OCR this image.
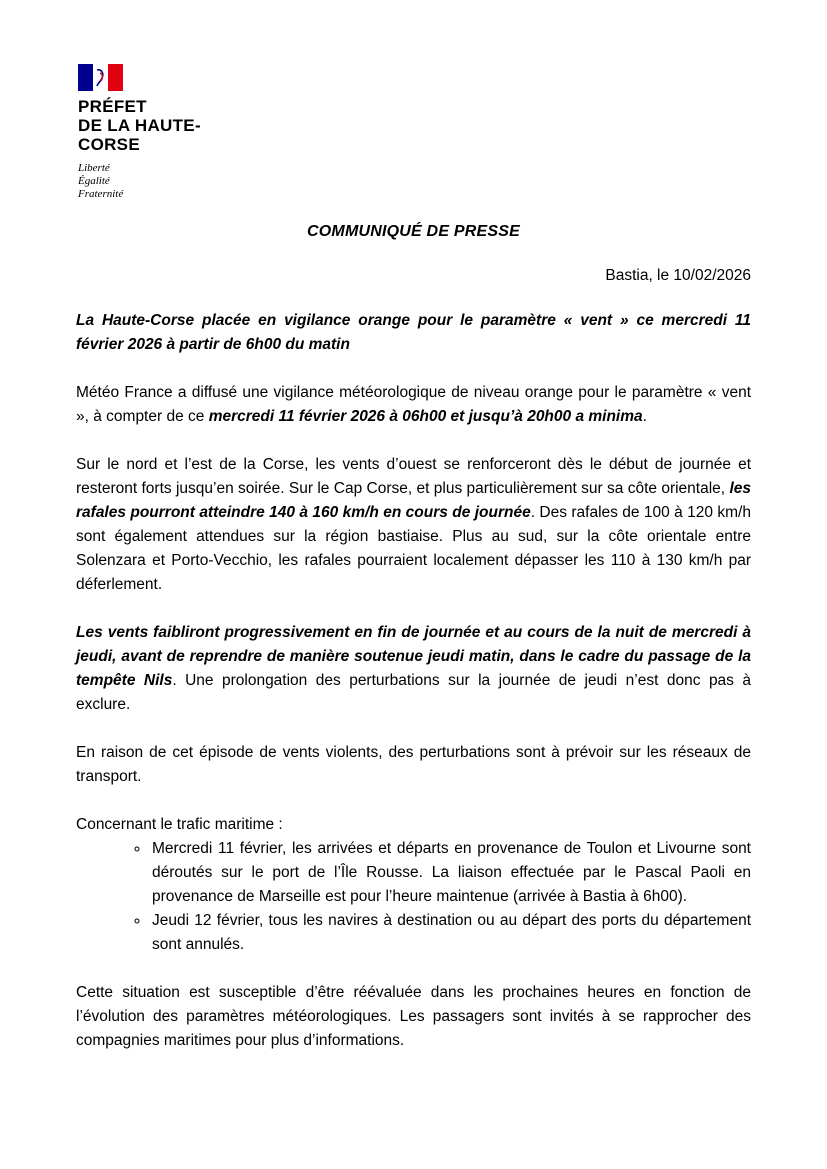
PRÉFET
DE LA HAUTE-
CORSE
Liberté
Égalité
Fraternité
COMMUNIQUÉ DE PRESSE

Bastia, le 10/02/2026

La Haute-Corse placée en vigilance orange pour le paramètre « vent » ce mercredi 11 février 2026 à partir de 6h00 du matin

Météo France a diffusé une vigilance météorologique de niveau orange pour le paramètre « vent », à compter de ce mercredi 11 février 2026 à 06h00 et jusqu’à 20h00 a minima.

Sur le nord et l’est de la Corse, les vents d’ouest se renforceront dès le début de journée et resteront forts jusqu’en soirée. Sur le Cap Corse, et plus particulièrement sur sa côte orientale, les rafales pourront atteindre 140 à 160 km/h en cours de journée. Des rafales de 100 à 120 km/h sont également attendues sur la région bastiaise. Plus au sud, sur la côte orientale entre Solenzara et Porto-Vecchio, les rafales pourraient localement dépasser les 110 à 130 km/h par déferlement.

Les vents faibliront progressivement en fin de journée et au cours de la nuit de mercredi à jeudi, avant de reprendre de manière soutenue jeudi matin, dans le cadre du passage de la tempête Nils. Une prolongation des perturbations sur la journée de jeudi n’est donc pas à exclure.

En raison de cet épisode de vents violents, des perturbations sont à prévoir sur les réseaux de transport.

Concernant le trafic maritime :

◦ Mercredi 11 février, les arrivées et départs en provenance de Toulon et Livourne sont déroutés sur le port de l’Île Rousse. La liaison effectuée par le Pascal Paoli en provenance de Marseille est pour l’heure maintenue (arrivée à Bastia à 6h00).
◦ Jeudi 12 février, tous les navires à destination ou au départ des ports du département sont annulés.

Cette situation est susceptible d’être réévaluée dans les prochaines heures en fonction de l’évolution des paramètres météorologiques. Les passagers sont invités à se rapprocher des compagnies maritimes pour plus d’informations.
